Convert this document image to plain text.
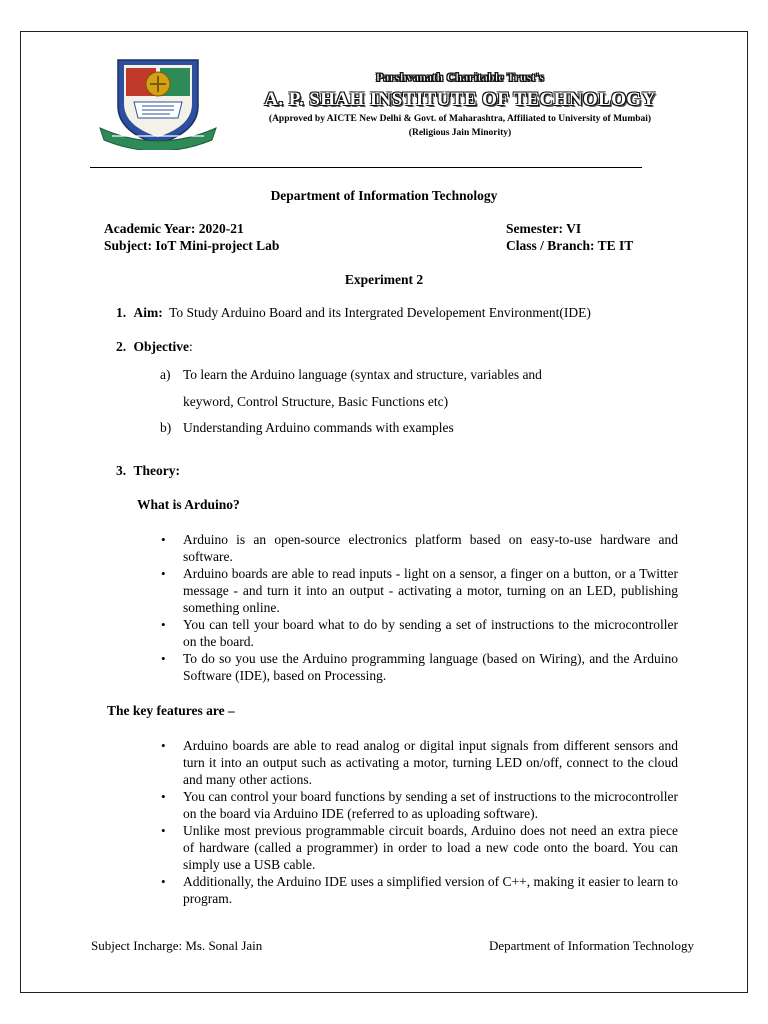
Parshvanath Charitable Trust's
A. P. SHAH INSTITUTE OF TECHNOLOGY
(Approved by AICTE New Delhi & Govt. of Maharashtra, Affiliated to University of Mumbai)
(Religious Jain Minority)
Department of Information Technology
Academic Year: 2020-21
Subject: IoT Mini-project Lab
Semester: VI
Class / Branch: TE IT
Experiment 2
1. Aim: To Study Arduino Board and its Intergrated Developement Environment(IDE)
2. Objective:
a) To learn the Arduino language (syntax and structure, variables and
keyword, Control Structure, Basic Functions etc)
b) Understanding Arduino commands with examples
3. Theory:
What is Arduino?
• Arduino is an open-source electronics platform based on easy-to-use hardware and software.
• Arduino boards are able to read inputs - light on a sensor, a finger on a button, or a Twitter message - and turn it into an output - activating a motor, turning on an LED, publishing something online.
• You can tell your board what to do by sending a set of instructions to the microcontroller on the board.
• To do so you use the Arduino programming language (based on Wiring), and the Arduino Software (IDE), based on Processing.
The key features are –
• Arduino boards are able to read analog or digital input signals from different sensors and turn it into an output such as activating a motor, turning LED on/off, connect to the cloud and many other actions.
• You can control your board functions by sending a set of instructions to the microcontroller on the board via Arduino IDE (referred to as uploading software).
• Unlike most previous programmable circuit boards, Arduino does not need an extra piece of hardware (called a programmer) in order to load a new code onto the board. You can simply use a USB cable.
• Additionally, the Arduino IDE uses a simplified version of C++, making it easier to learn to program.
Subject Incharge: Ms. Sonal Jain	Department of Information Technology
